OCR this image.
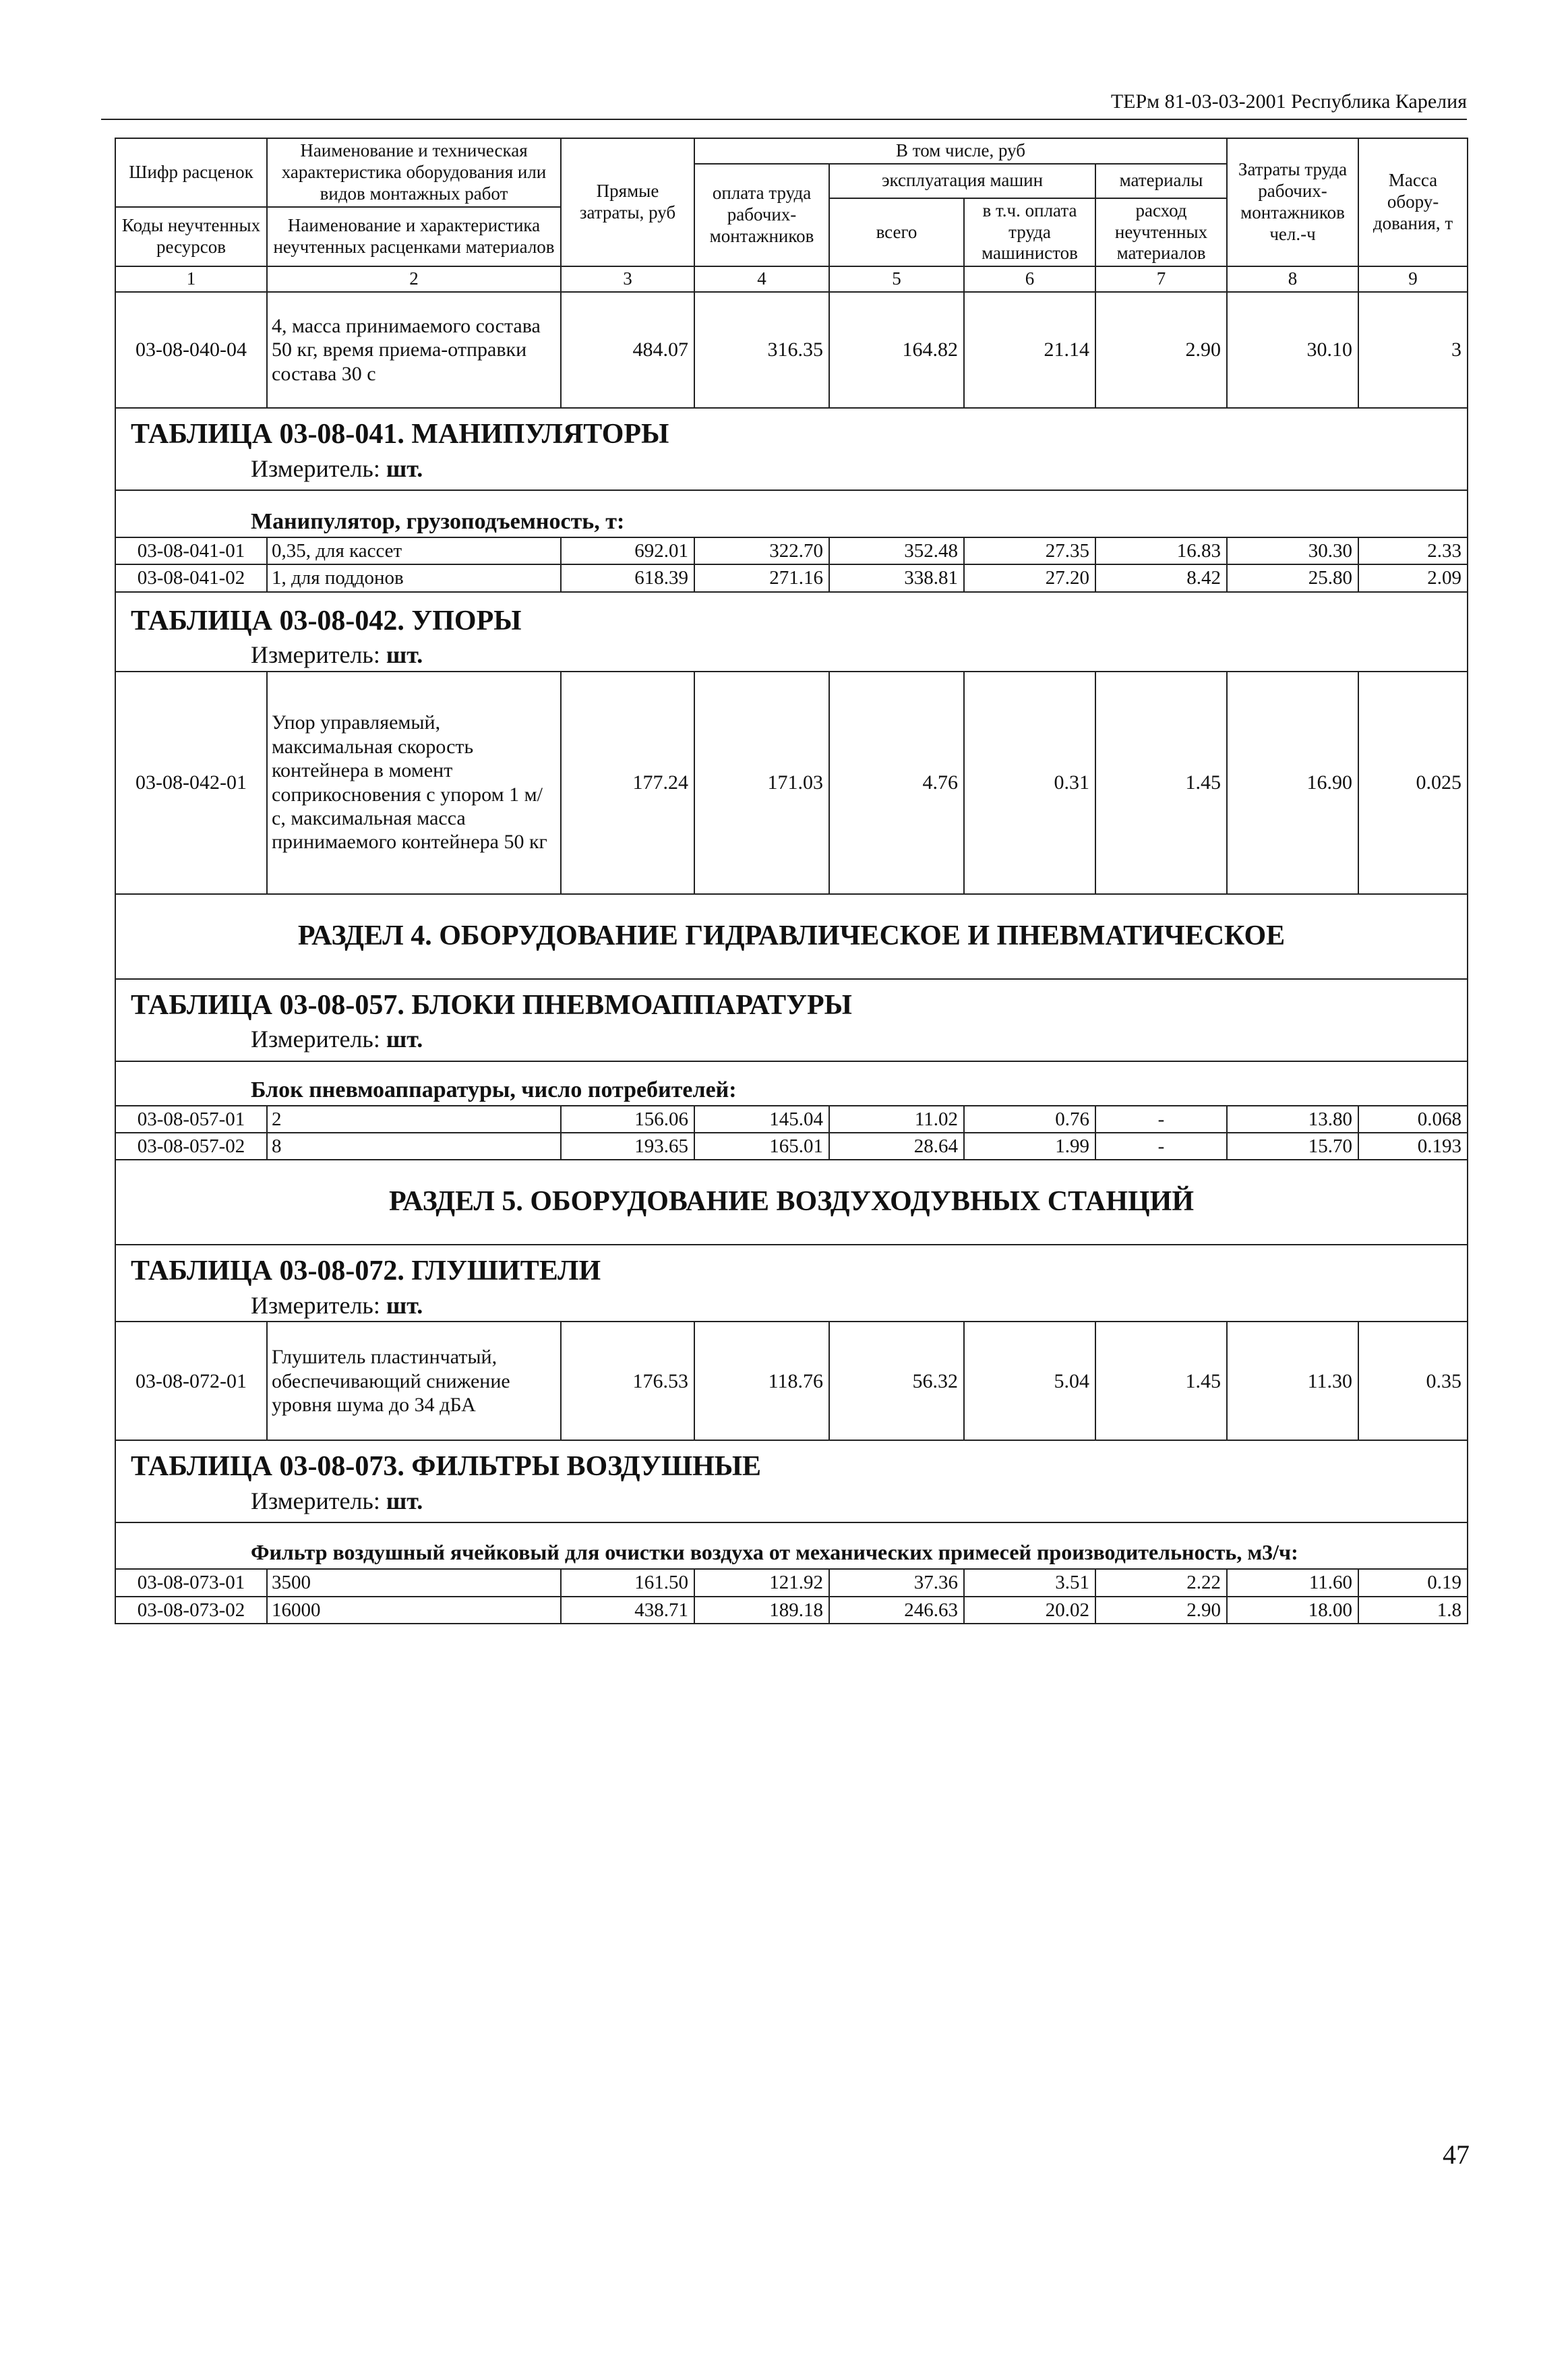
ТЕРм 81-03-03-2001 Республика Карелия
Шифр расценок	Наименование и техническая характеристика оборудования или видов монтажных работ	Прямые затраты, руб	В том числе, руб				Затраты труда рабочих-монтажников чел.-ч	Масса обору-дования, т
			оплата труда рабочих-монтажников	эксплуатация машин		материалы		
				всего	в т.ч. оплата труда машинистов	расход неучтенных материалов		
Коды неучтенных ресурсов	Наименование и характеристика неучтенных расценками материалов							

1	2	3	4	5	6	7	8	9
03-08-040-04	4, масса принимаемого состава 50 кг, время приема-отправки состава 30 с	484.07	316.35	164.82	21.14	2.90	30.10	3
ТАБЛИЦА 03-08-041. МАНИПУЛЯТОРЫ								
Измеритель: шт.								
Манипулятор, грузоподъемность, т:								
03-08-041-01	0,35, для кассет	692.01	322.70	352.48	27.35	16.83	30.30	2.33
03-08-041-02	1, для поддонов	618.39	271.16	338.81	27.20	8.42	25.80	2.09
ТАБЛИЦА 03-08-042. УПОРЫ								
Измеритель: шт.								
03-08-042-01	Упор управляемый, максимальная скорость контейнера в момент соприкосновения с упором 1 м/с, максимальная масса принимаемого контейнера 50 кг	177.24	171.03	4.76	0.31	1.45	16.90	0.025
РАЗДЕЛ 4. ОБОРУДОВАНИЕ ГИДРАВЛИЧЕСКОЕ И ПНЕВМАТИЧЕСКОЕ								
ТАБЛИЦА 03-08-057. БЛОКИ ПНЕВМОАППАРАТУРЫ								
Измеритель: шт.								
Блок пневмоаппаратуры, число потребителей:								
03-08-057-01	2	156.06	145.04	11.02	0.76	-	13.80	0.068
03-08-057-02	8	193.65	165.01	28.64	1.99	-	15.70	0.193
РАЗДЕЛ 5. ОБОРУДОВАНИЕ ВОЗДУХОДУВНЫХ СТАНЦИЙ								
ТАБЛИЦА 03-08-072. ГЛУШИТЕЛИ								
Измеритель: шт.								
03-08-072-01	Глушитель пластинчатый, обеспечивающий снижение уровня шума до 34 дБА	176.53	118.76	56.32	5.04	1.45	11.30	0.35
ТАБЛИЦА 03-08-073. ФИЛЬТРЫ ВОЗДУШНЫЕ								
Измеритель: шт.								
Фильтр воздушный ячейковый для очистки воздуха от механических примесей производительность, м3/ч:								
03-08-073-01	3500	161.50	121.92	37.36	3.51	2.22	11.60	0.19
03-08-073-02	16000	438.71	189.18	246.63	20.02	2.90	18.00	1.8
47
